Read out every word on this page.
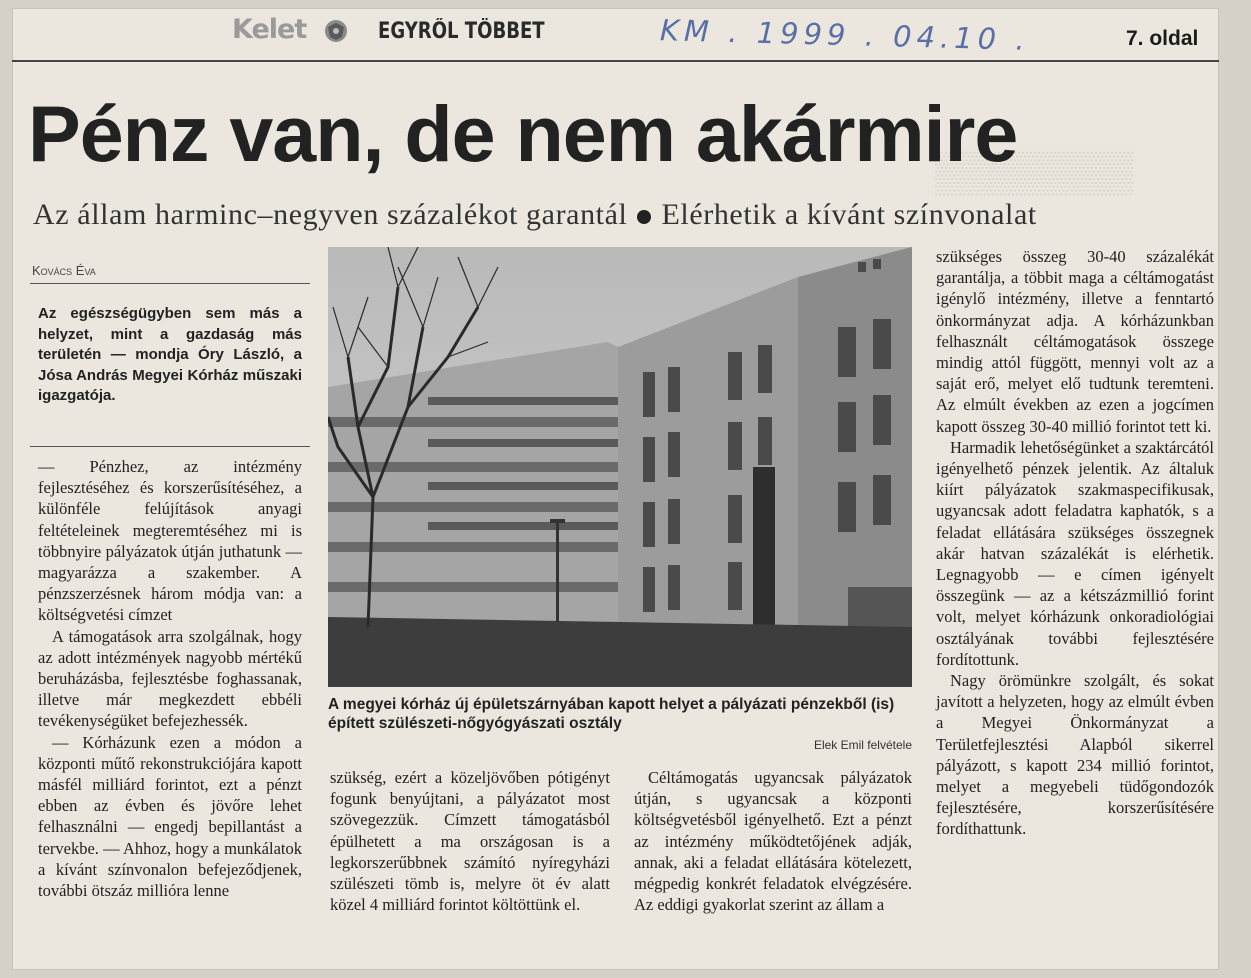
Kelet	EGYRŐL TÖBBET	KM . 1999 . 04.10 .	7. oldal
▒▒▒▒▒▒▒
Pénz van, de nem akármire
Az állam harminc–negyven százalékot garantál Elérhetik a kívánt színvonalat
Kovács Éva
Az egészségügyben sem más a helyzet, mint a gazdaság más területén — mondja Óry László, a Jósa András Megyei Kórház műszaki igazgatója.

— Pénzhez, az intézmény fejlesztéséhez és korszerűsítéséhez, a különféle felújítások anyagi feltételeinek megteremtéséhez mi is többnyire pályázatok útján juthatunk — magyarázza a szakember. A pénzszerzésnek három módja van: a költségvetési címzet

A támogatások arra szolgálnak, hogy az adott intézmények nagyobb mértékű beruházásba, fejlesztésbe foghassanak, illetve már megkezdett ebbéli tevékenységüket befejezhessék.

— Kórházunk ezen a módon a központi műtő rekonstrukciójára kapott másfél milliárd forintot, ezt a pénzt ebben az évben és jövőre lehet felhasználni — engedj bepillantást a tervekbe. — Ahhoz, hogy a munkálatok a kívánt színvonalon befejeződjenek, további ötszáz millióra lenne

A megyei kórház új épületszárnyában kapott helyet a pályázati pénzekből (is) épített szülészeti-nőgyógyászati osztály
Elek Emil felvétele

szükség, ezért a közeljövőben pótigényt fogunk benyújtani, a pályázatot most szövegezzük. Címzett támogatásból épülhetett a ma országosan is a legkorszerűbbnek számító nyíregyházi szülészeti tömb is, melyre öt év alatt közel 4 milliárd forintot költöttünk el.

Céltámogatás ugyancsak pályázatok útján, s ugyancsak a központi költségvetésből igényelhető. Ezt a pénzt az intézmény működtetőjének adják, annak, aki a feladat ellátására kötelezett, mégpedig konkrét feladatok elvégzésére. Az eddigi gyakorlat szerint az állam a

szükséges összeg 30-40 százalékát garantálja, a többit maga a céltámogatást igénylő intézmény, illetve a fenntartó önkormányzat adja. A kórházunkban felhasznált céltámogatások összege mindig attól függött, mennyi volt az a saját erő, melyet elő tudtunk teremteni. Az elmúlt években az ezen a jogcímen kapott összeg 30-40 millió forintot tett ki.

Harmadik lehetőségünket a szaktárcától igényelhető pénzek jelentik. Az általuk kiírt pályázatok szakmaspecifikusak, ugyancsak adott feladatra kaphatók, s a feladat ellátására szükséges összegnek akár hatvan százalékát is elérhetik. Legnagyobb — e címen igényelt összegünk — az a kétszázmillió forint volt, melyet kórházunk onkoradiológiai osztályának további fejlesztésére fordítottunk.

Nagy örömünkre szolgált, és sokat javított a helyzeten, hogy az elmúlt évben a Megyei Önkormányzat a Területfejlesztési Alapból sikerrel pályázott, s kapott 234 millió forintot, melyet a megyebeli tüdőgondozók fejlesztésére, korszerűsítésére fordíthattunk.
